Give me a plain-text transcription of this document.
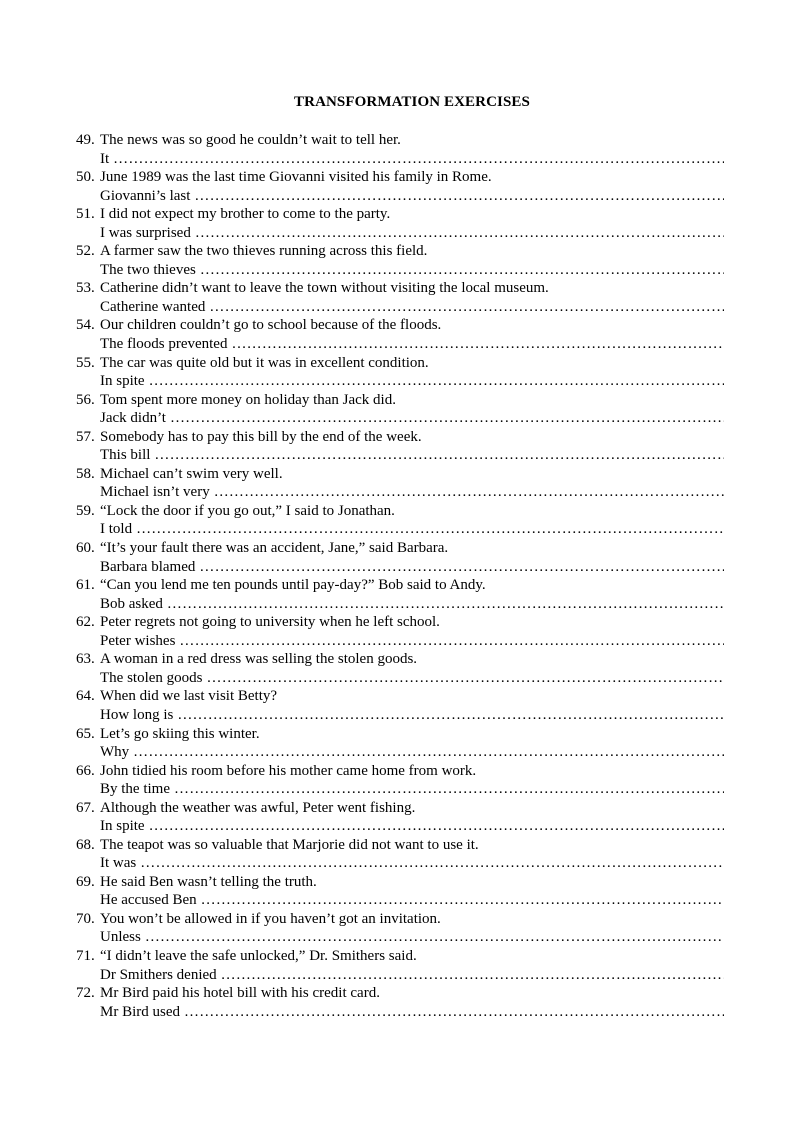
TRANSFORMATION EXERCISES
49. The news was so good he couldn’t wait to tell her.
It
………………………………………………………………………………………………………………………………………………………………
50. June 1989 was the last time Giovanni visited his family in Rome.
Giovanni’s last
………………………………………………………………………………………………………………………………………………………………
51. I did not expect my brother to come to the party.
I was surprised
………………………………………………………………………………………………………………………………………………………………
52. A farmer saw the two thieves running across this field.
The two thieves
………………………………………………………………………………………………………………………………………………………………
53. Catherine didn’t want to leave the town without visiting the local museum.
Catherine wanted
………………………………………………………………………………………………………………………………………………………………
54. Our children couldn’t go to school because of the floods.
The floods prevented
………………………………………………………………………………………………………………………………………………………………
55. The car was quite old but it was in excellent condition.
In spite
………………………………………………………………………………………………………………………………………………………………
56. Tom spent more money on holiday than Jack did.
Jack didn’t
………………………………………………………………………………………………………………………………………………………………
57. Somebody has to pay this bill by the end of the week.
This bill
………………………………………………………………………………………………………………………………………………………………
58. Michael can’t swim very well.
Michael isn’t very
………………………………………………………………………………………………………………………………………………………………
59. “Lock the door if you go out,” I said to Jonathan.
I told
………………………………………………………………………………………………………………………………………………………………
60. “It’s your fault there was an accident, Jane,” said Barbara.
Barbara blamed
………………………………………………………………………………………………………………………………………………………………
61. “Can you lend me ten pounds until pay-day?” Bob said to Andy.
Bob asked
………………………………………………………………………………………………………………………………………………………………
62. Peter regrets not going to university when he left school.
Peter wishes
………………………………………………………………………………………………………………………………………………………………
63. A woman in a red dress was selling the stolen goods.
The stolen goods
………………………………………………………………………………………………………………………………………………………………
64. When did we last visit Betty?
How long is
………………………………………………………………………………………………………………………………………………………………
65. Let’s go skiing this winter.
Why
………………………………………………………………………………………………………………………………………………………………
66. John tidied his room before his mother came home from work.
By the time
………………………………………………………………………………………………………………………………………………………………
67. Although the weather was awful, Peter went fishing.
In spite
………………………………………………………………………………………………………………………………………………………………
68. The teapot was so valuable that Marjorie did not want to use it.
It was
………………………………………………………………………………………………………………………………………………………………
69. He said Ben wasn’t telling the truth.
He accused Ben
………………………………………………………………………………………………………………………………………………………………
70. You won’t be allowed in if you haven’t got an invitation.
Unless
………………………………………………………………………………………………………………………………………………………………
71. “I didn’t leave the safe unlocked,” Dr. Smithers said.
Dr Smithers denied
………………………………………………………………………………………………………………………………………………………………
72. Mr Bird paid his hotel bill with his credit card.
Mr Bird used
………………………………………………………………………………………………………………………………………………………………
